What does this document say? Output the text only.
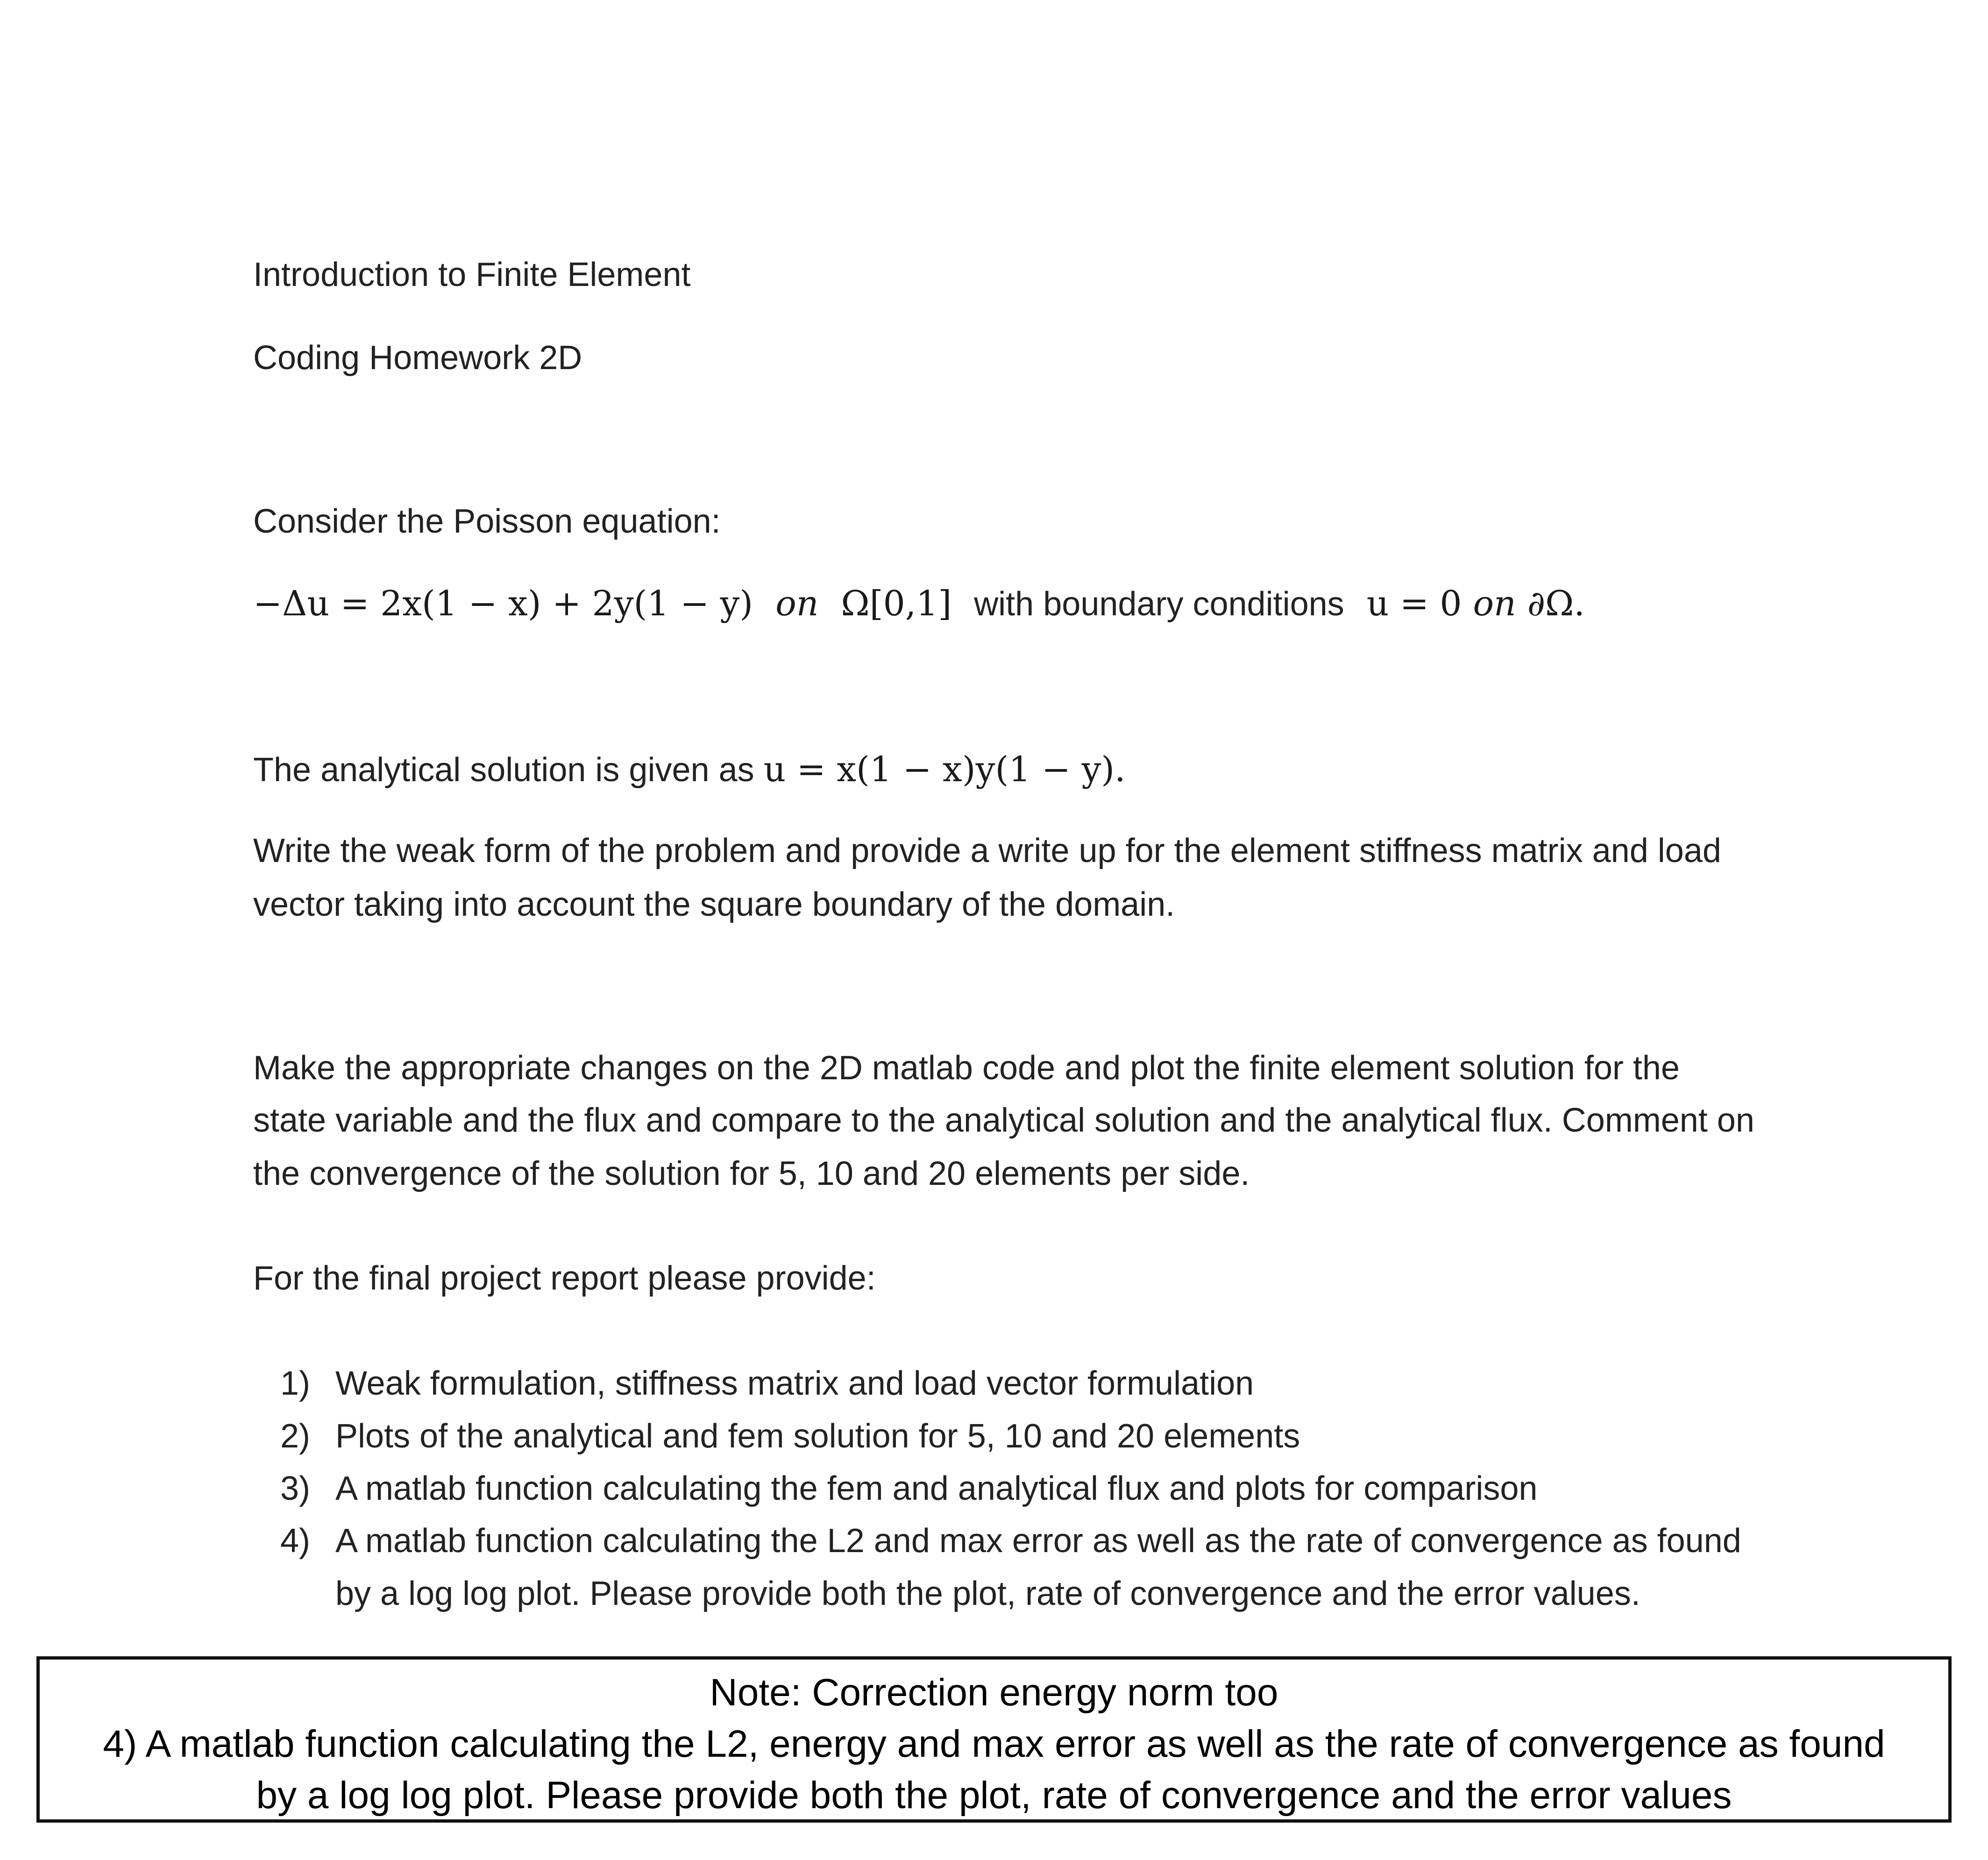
Introduction to Finite Element
Coding Homework 2D
Consider the Poisson equation:
−Δu = 2x(1 − x) + 2y(1 − y) on Ω[0,1] with boundary conditions u = 0 on ∂Ω.
The analytical solution is given as u = x(1 − x)y(1 − y).
Write the weak form of the problem and provide a write up for the element stiffness matrix and load
vector taking into account the square boundary of the domain.
Make the appropriate changes on the 2D matlab code and plot the finite element solution for the
state variable and the flux and compare to the analytical solution and the analytical flux. Comment on
the convergence of the solution for 5, 10 and 20 elements per side.
For the final project report please provide:
1) Weak formulation, stiffness matrix and load vector formulation
2) Plots of the analytical and fem solution for 5, 10 and 20 elements
3) A matlab function calculating the fem and analytical flux and plots for comparison
4) A matlab function calculating the L2 and max error as well as the rate of convergence as found
by a log log plot. Please provide both the plot, rate of convergence and the error values.
Note: Correction energy norm too
4) A matlab function calculating the L2, energy and max error as well as the rate of convergence as found
by a log log plot. Please provide both the plot, rate of convergence and the error values
